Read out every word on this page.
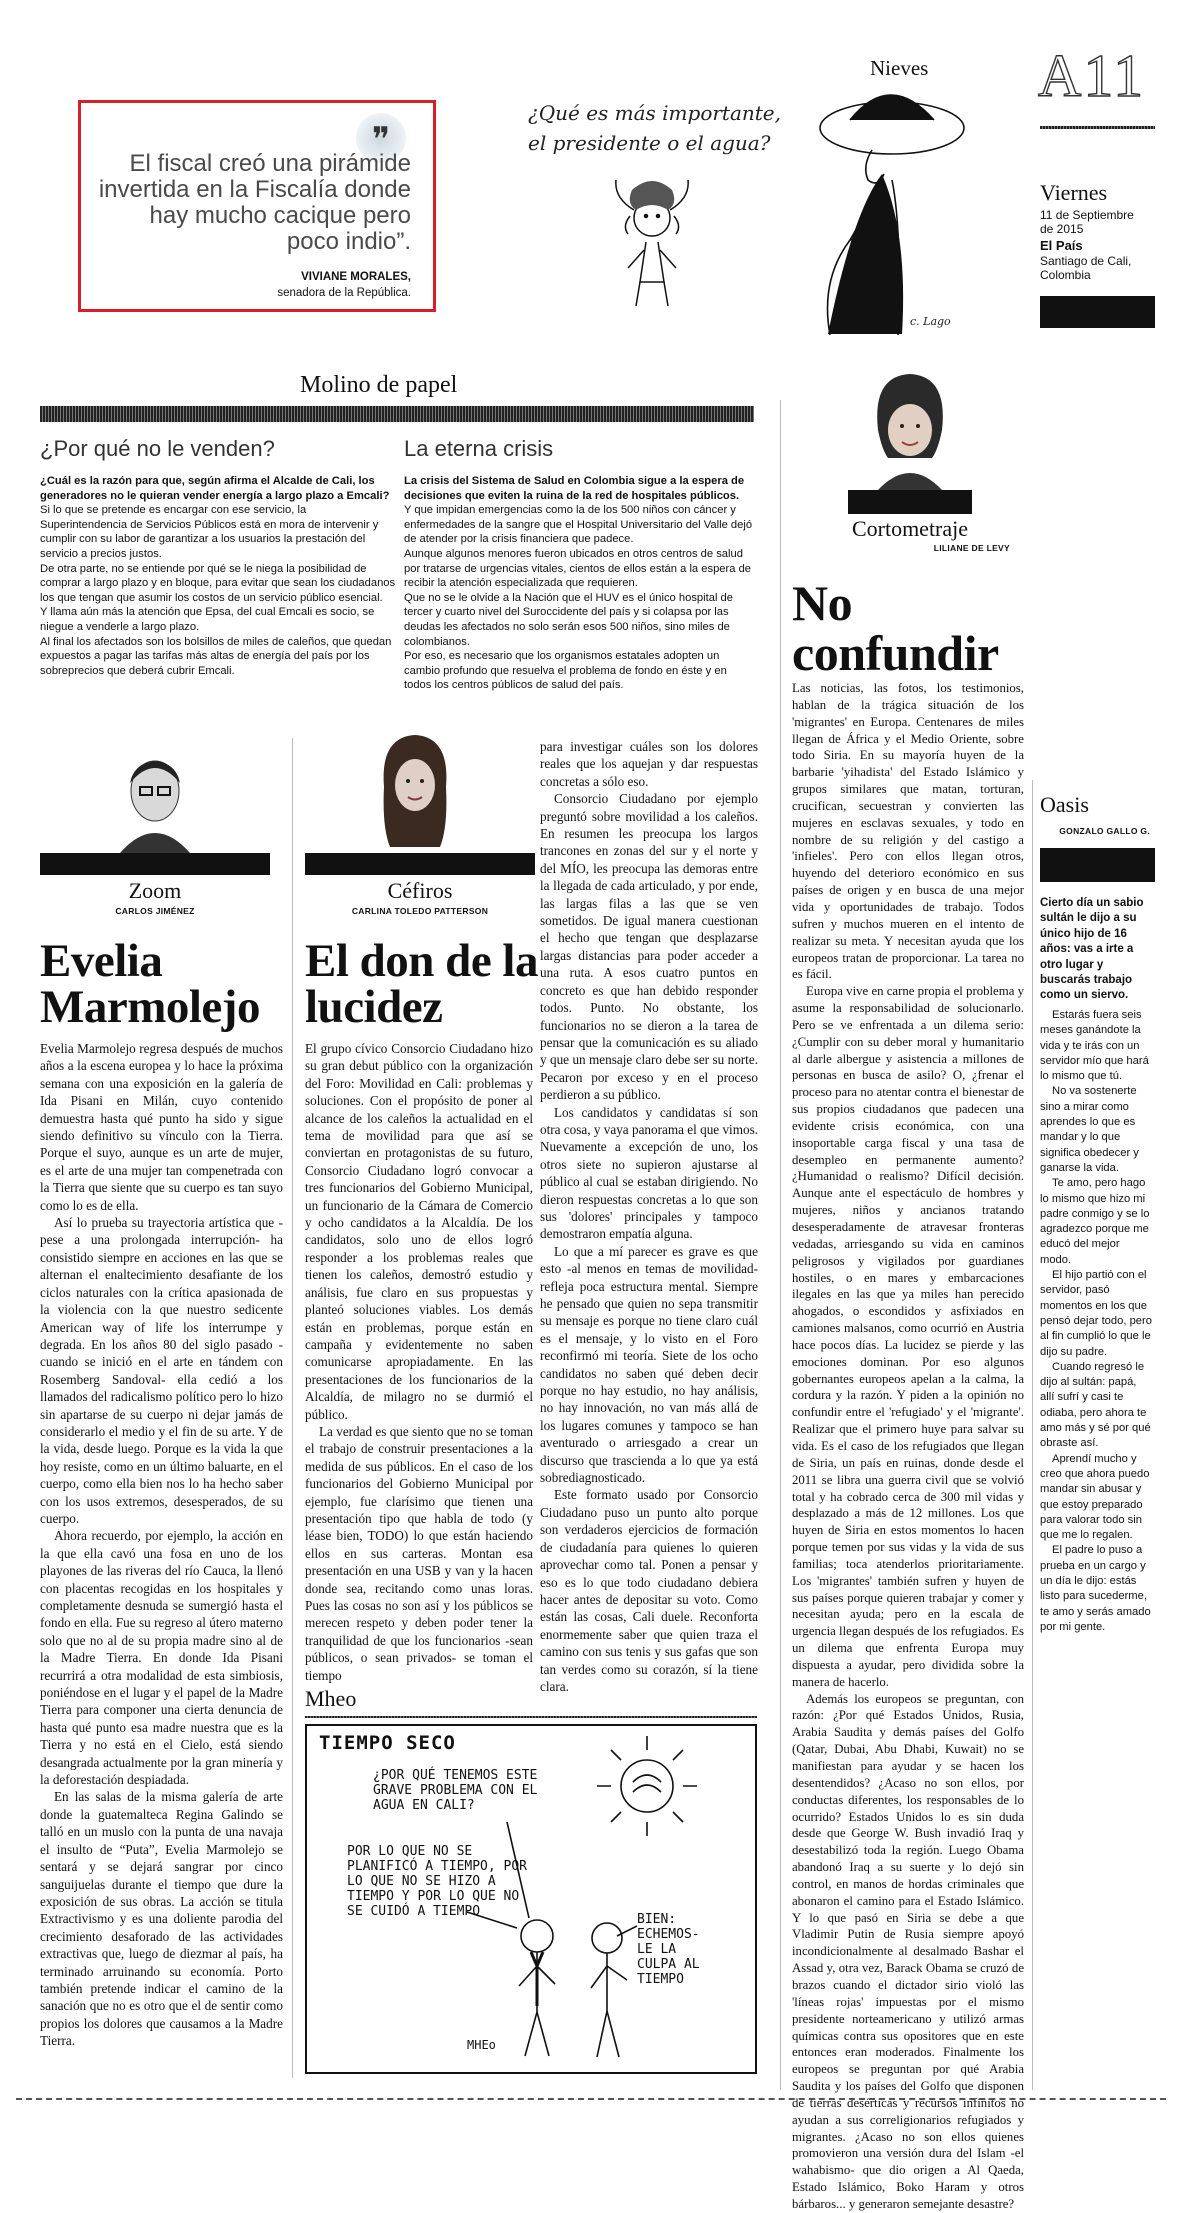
❞
El fiscal creó una pirámide invertida en la Fiscalía donde hay mucho cacique pero poco indio”.
VIVIANE MORALES,
senadora de la República.
¿Qué es más importante, el presidente o el agua?
c. Lago
Nieves A11
Viernes
11 de Septiembre de 2015
El País
Santiago de Cali, Colombia
Molino de papel
¿Por qué no le venden?

¿Cuál es la razón para que, según afirma el Alcalde de Cali, los generadores no le quieran vender energía a largo plazo a Emcali?

Si lo que se pretende es encargar con ese servicio, la Superintendencia de Servicios Públicos está en mora de intervenir y cumplir con su labor de garantizar a los usuarios la prestación del servicio a precios justos.

De otra parte, no se entiende por qué se le niega la posibilidad de comprar a largo plazo y en bloque, para evitar que sean los ciudadanos los que tengan que asumir los costos de un servicio público esencial.

Y llama aún más la atención que Epsa, del cual Emcali es socio, se niegue a venderle a largo plazo.

Al final los afectados son los bolsillos de miles de caleños, que quedan expuestos a pagar las tarifas más altas de energía del país por los sobreprecios que deberá cubrir Emcali.

La eterna crisis

La crisis del Sistema de Salud en Colombia sigue a la espera de decisiones que eviten la ruina de la red de hospitales públicos.

Y que impidan emergencias como la de los 500 niños con cáncer y enfermedades de la sangre que el Hospital Universitario del Valle dejó de atender por la crisis financiera que padece.

Aunque algunos menores fueron ubicados en otros centros de salud por tratarse de urgencias vitales, cientos de ellos están a la espera de recibir la atención especializada que requieren.

Que no se le olvide a la Nación que el HUV es el único hospital de tercer y cuarto nivel del Suroccidente del país y si colapsa por las deudas les afectados no solo serán esos 500 niños, sino miles de colombianos.

Por eso, es necesario que los organismos estatales adopten un cambio profundo que resuelva el problema de fondo en éste y en todos los centros públicos de salud del país.

Zoom
CARLOS JIMÉNEZ
Evelia Marmolejo

Evelia Marmolejo regresa después de muchos años a la escena europea y lo hace la próxima semana con una exposición en la galería de Ida Pisani en Milán, cuyo contenido demuestra hasta qué punto ha sido y sigue siendo definitivo su vínculo con la Tierra. Porque el suyo, aunque es un arte de mujer, es el arte de una mujer tan compenetrada con la Tierra que siente que su cuerpo es tan suyo como lo es de ella.

Así lo prueba su trayectoria artística que -pese a una prolongada interrupción- ha consistido siempre en acciones en las que se alternan el enaltecimiento desafiante de los ciclos naturales con la crítica apasionada de la violencia con la que nuestro sedicente American way of life los interrumpe y degrada. En los años 80 del siglo pasado -cuando se inició en el arte en tándem con Rosemberg Sandoval- ella cedió a los llamados del radicalismo político pero lo hizo sin apartarse de su cuerpo ni dejar jamás de considerarlo el medio y el fin de su arte. Y de la vida, desde luego. Porque es la vida la que hoy resiste, como en un último baluarte, en el cuerpo, como ella bien nos lo ha hecho saber con los usos extremos, desesperados, de su cuerpo.

Ahora recuerdo, por ejemplo, la acción en la que ella cavó una fosa en uno de los playones de las riveras del río Cauca, la llenó con placentas recogidas en los hospitales y completamente desnuda se sumergió hasta el fondo en ella. Fue su regreso al útero materno solo que no al de su propia madre sino al de la Madre Tierra. En donde Ida Pisani recurrirá a otra modalidad de esta simbiosis, poniéndose en el lugar y el papel de la Madre Tierra para componer una cierta denuncia de hasta qué punto esa madre nuestra que es la Tierra y no está en el Cielo, está siendo desangrada actualmente por la gran minería y la deforestación despiadada.

En las salas de la misma galería de arte donde la guatemalteca Regina Galindo se talló en un muslo con la punta de una navaja el insulto de “Puta”, Evelia Marmolejo se sentará y se dejará sangrar por cinco sanguijuelas durante el tiempo que dure la exposición de sus obras. La acción se titula Extractivismo y es una doliente parodia del crecimiento desaforado de las actividades extractivas que, luego de diezmar al país, ha terminado arruinando su economía. Porto también pretende indicar el camino de la sanación que no es otro que el de sentir como propios los dolores que causamos a la Madre Tierra.

Céfiros
CARLINA TOLEDO PATTERSON
El don de la lucidez

El grupo cívico Consorcio Ciudadano hizo su gran debut público con la organización del Foro: Movilidad en Cali: problemas y soluciones. Con el propósito de poner al alcance de los caleños la actualidad en el tema de movilidad para que así se conviertan en protagonistas de su futuro, Consorcio Ciudadano logró convocar a tres funcionarios del Gobierno Municipal, un funcionario de la Cámara de Comercio y ocho candidatos a la Alcaldía. De los candidatos, solo uno de ellos logró responder a los problemas reales que tienen los caleños, demostró estudio y análisis, fue claro en sus propuestas y planteó soluciones viables. Los demás están en problemas, porque están en campaña y evidentemente no saben comunicarse apropiadamente. En las presentaciones de los funcionarios de la Alcaldía, de milagro no se durmió el público.

La verdad es que siento que no se toman el trabajo de construir presentaciones a la medida de sus públicos. En el caso de los funcionarios del Gobierno Municipal por ejemplo, fue clarísimo que tienen una presentación tipo que habla de todo (y léase bien, TODO) lo que están haciendo ellos en sus carteras. Montan esa presentación en una USB y van y la hacen donde sea, recitando como unas loras. Pues las cosas no son así y los públicos se merecen respeto y deben poder tener la tranquilidad de que los funcionarios -sean públicos, o sean privados- se toman el tiempo

para investigar cuáles son los dolores reales que los aquejan y dar respuestas concretas a sólo eso.

Consorcio Ciudadano por ejemplo preguntó sobre movilidad a los caleños. En resumen les preocupa los largos trancones en zonas del sur y el norte y del MÍO, les preocupa las demoras entre la llegada de cada articulado, y por ende, las largas filas a las que se ven sometidos. De igual manera cuestionan el hecho que tengan que desplazarse largas distancias para poder acceder a una ruta. A esos cuatro puntos en concreto es que han debido responder todos. Punto. No obstante, los funcionarios no se dieron a la tarea de pensar que la comunicación es su aliado y que un mensaje claro debe ser su norte. Pecaron por exceso y en el proceso perdieron a su público.

Los candidatos y candidatas sí son otra cosa, y vaya panorama el que vimos. Nuevamente a excepción de uno, los otros siete no supieron ajustarse al público al cual se estaban dirigiendo. No dieron respuestas concretas a lo que son sus 'dolores' principales y tampoco demostraron empatía alguna.

Lo que a mí parecer es grave es que esto -al menos en temas de movilidad- refleja poca estructura mental. Siempre he pensado que quien no sepa transmitir su mensaje es porque no tiene claro cuál es el mensaje, y lo visto en el Foro reconfirmó mi teoría. Siete de los ocho candidatos no saben qué deben decir porque no hay estudio, no hay análisis, no hay innovación, no van más allá de los lugares comunes y tampoco se han aventurado o arriesgado a crear un discurso que trascienda a lo que ya está sobrediagnosticado.

Este formato usado por Consorcio Ciudadano puso un punto alto porque son verdaderos ejercicios de formación de ciudadanía para quienes lo quieren aprovechar como tal. Ponen a pensar y eso es lo que todo ciudadano debiera hacer antes de depositar su voto. Como están las cosas, Cali duele. Reconforta enormemente saber que quien traza el camino con sus tenis y sus gafas que son tan verdes como su corazón, sí la tiene clara.

Mheo
TIEMPO SECO
¿POR QUÉ TENEMOS ESTE GRAVE PROBLEMA CON EL AGUA EN CALI?
POR LO QUE NO SE PLANIFICÓ A TIEMPO, POR LO QUE NO SE HIZO A TIEMPO Y POR LO QUE NO SE CUIDÓ A TIEMPO
BIEN: ECHEMOS- LE LA CULPA AL TIEMPO
MHEo
Cortometraje
LILIANE DE LEVY
No confundir

Las noticias, las fotos, los testimonios, hablan de la trágica situación de los 'migrantes' en Europa. Centenares de miles llegan de África y el Medio Oriente, sobre todo Siria. En su mayoría huyen de la barbarie 'yihadista' del Estado Islámico y grupos similares que matan, torturan, crucifican, secuestran y convierten las mujeres en esclavas sexuales, y todo en nombre de su religión y del castigo a 'infieles'. Pero con ellos llegan otros, huyendo del deterioro económico en sus países de origen y en busca de una mejor vida y oportunidades de trabajo. Todos sufren y muchos mueren en el intento de realizar su meta. Y necesitan ayuda que los europeos tratan de proporcionar. La tarea no es fácil.

Europa vive en carne propia el problema y asume la responsabilidad de solucionarlo. Pero se ve enfrentada a un dilema serio: ¿Cumplir con su deber moral y humanitario al darle albergue y asistencia a millones de personas en busca de asilo? O, ¿frenar el proceso para no atentar contra el bienestar de sus propios ciudadanos que padecen una evidente crisis económica, con una insoportable carga fiscal y una tasa de desempleo en permanente aumento? ¿Humanidad o realismo? Difícil decisión. Aunque ante el espectáculo de hombres y mujeres, niños y ancianos tratando desesperadamente de atravesar fronteras vedadas, arriesgando su vida en caminos peligrosos y vigilados por guardianes hostiles, o en mares y embarcaciones ilegales en las que ya miles han perecido ahogados, o escondidos y asfixiados en camiones malsanos, como ocurrió en Austria hace pocos días. La lucidez se pierde y las emociones dominan. Por eso algunos gobernantes europeos apelan a la calma, la cordura y la razón. Y piden a la opinión no confundir entre el 'refugiado' y el 'migrante'. Realizar que el primero huye para salvar su vida. Es el caso de los refugiados que llegan de Siria, un país en ruinas, donde desde el 2011 se libra una guerra civil que se volvió total y ha cobrado cerca de 300 mil vidas y desplazado a más de 12 millones. Los que huyen de Siria en estos momentos lo hacen porque temen por sus vidas y la vida de sus familias; toca atenderlos prioritariamente. Los 'migrantes' también sufren y huyen de sus países porque quieren trabajar y comer y necesitan ayuda; pero en la escala de urgencia llegan después de los refugiados. Es un dilema que enfrenta Europa muy dispuesta a ayudar, pero dividida sobre la manera de hacerlo.

Además los europeos se preguntan, con razón: ¿Por qué Estados Unidos, Rusia, Arabia Saudita y demás países del Golfo (Qatar, Dubai, Abu Dhabi, Kuwait) no se manifiestan para ayudar y se hacen los desentendidos? ¿Acaso no son ellos, por conductas diferentes, los responsables de lo ocurrido? Estados Unidos lo es sin duda desde que George W. Bush invadió Iraq y desestabilizó toda la región. Luego Obama abandonó Iraq a su suerte y lo dejó sin control, en manos de hordas criminales que abonaron el camino para el Estado Islámico. Y lo que pasó en Siria se debe a que Vladimir Putin de Rusia siempre apoyó incondicionalmente al desalmado Bashar el Assad y, otra vez, Barack Obama se cruzó de brazos cuando el dictador sirio violó las 'líneas rojas' impuestas por el mismo presidente norteamericano y utilizó armas químicas contra sus opositores que en este entonces eran moderados. Finalmente los europeos se preguntan por qué Arabia Saudita y los países del Golfo que disponen de tierras desérticas y recursos infinitos no ayudan a sus correligionarios refugiados y migrantes. ¿Acaso no son ellos quienes promovieron una versión dura del Islam -el wahabismo- que dio origen a Al Qaeda, Estado Islámico, Boko Haram y otros bárbaros... y generaron semejante desastre?

Oasis
GONZALO GALLO G.
Cierto día un sabio sultán le dijo a su único hijo de 16 años: vas a irte a otro lugar y buscarás trabajo como un siervo.

Estarás fuera seis meses ganándote la vida y te irás con un servidor mío que hará lo mismo que tú.

No va sostenerte sino a mirar como aprendes lo que es mandar y lo que significa obedecer y ganarse la vida.

Te amo, pero hago lo mismo que hizo mi padre conmigo y se lo agradezco porque me educó del mejor modo.

El hijo partió con el servidor, pasó momentos en los que pensó dejar todo, pero al fin cumplió lo que le dijo su padre.

Cuando regresó le dijo al sultán: papá, allí sufrí y casi te odiaba, pero ahora te amo más y sé por qué obraste así.

Aprendí mucho y creo que ahora puedo mandar sin abusar y que estoy preparado para valorar todo sin que me lo regalen.

El padre lo puso a prueba en un cargo y un día le dijo: estás listo para sucederme, te amo y serás amado por mi gente.
